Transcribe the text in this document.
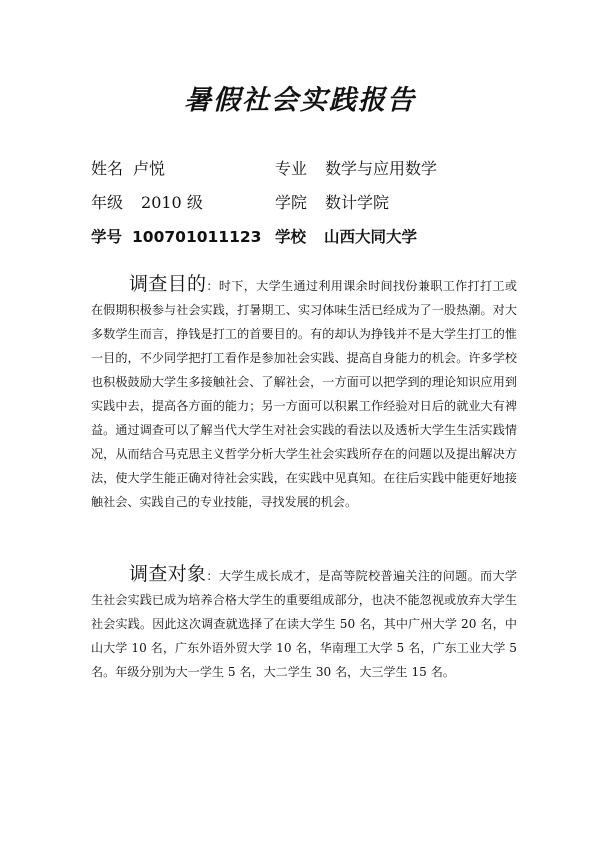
暑假社会实践报告
姓名 卢悦	专业 数学与应用数学
年级 2010 级	学院 数计学院
学号 100701011123 学校 山西大同大学
调查目的：时下，大学生通过利用课余时间找份兼职工作打打工或在假期积极参与社会实践，打暑期工、实习体味生活已经成为了一股热潮。对大多数学生而言，挣钱是打工的首要目的。有的却认为挣钱并不是大学生打工的惟一目的，不少同学把打工看作是参加社会实践、提高自身能力的机会。许多学校也积极鼓励大学生多接触社会、了解社会，一方面可以把学到的理论知识应用到实践中去，提高各方面的能力；另一方面可以积累工作经验对日后的就业大有裨益。通过调查可以了解当代大学生对社会实践的看法以及透析大学生生活实践情况，从而结合马克思主义哲学分析大学生社会实践所存在的问题以及提出解决方法，使大学生能正确对待社会实践，在实践中见真知。在往后实践中能更好地接触社会、实践自己的专业技能，寻找发展的机会。
调查对象：大学生成长成才，是高等院校普遍关注的问题。而大学生社会实践已成为培养合格大学生的重要组成部分，也决不能忽视或放弃大学生社会实践。因此这次调查就选择了在读大学生 50 名，其中广州大学 20 名，中山大学 10 名，广东外语外贸大学 10 名，华南理工大学 5 名，广东工业大学 5 名。年级分别为大一学生 5 名，大二学生 30 名，大三学生 15 名。
